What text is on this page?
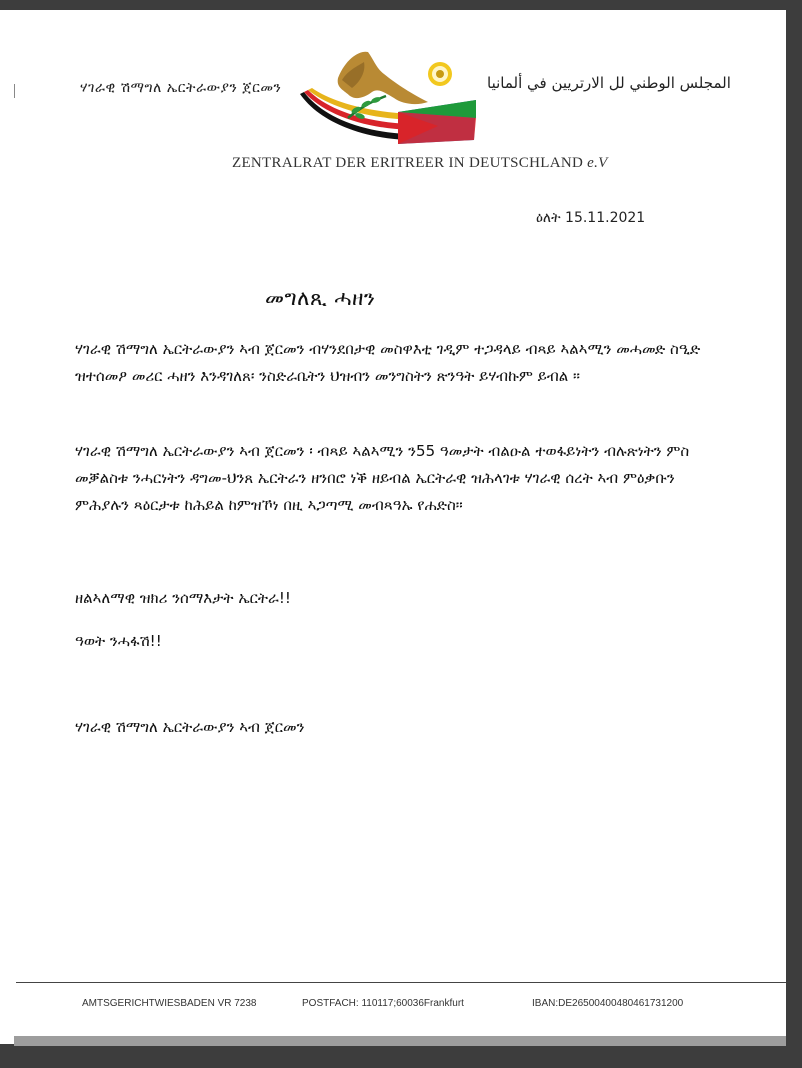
ሃገራዊ ሽማግለ ኤርትራውያን ጀርመን	المجلس الوطني لل الارتريين في ألمانيا
ZENTRALRAT DER ERITREER IN DEUTSCHLAND e.V
ዕለት 15.11.2021
መግለጺ ሓዘን

ሃገራዊ ሽማግለ ኤርትራውያን ኣብ ጀርመን ብሃንደበታዊ መስዋእቲ ገዲም ተጋዳላይ ብጻይ ኣልኣሚን መሓመድ ስዒድ ዝተሰመዖ መሪር ሓዘን እንዳገለጸ፡ ንስድራቤትን ህዝብን መንግስትን ጽንዓት ይሃብኩም ይብል ።

ሃገራዊ ሽማግለ ኤርትራውያን ኣብ ጀርመን ፡ ብጻይ ኣልኣሚን ን55 ዓመታት ብልዑል ተወፋይነትን ብሉጽነትን ምስ መቓልስቱ ንሓርነትን ዳግመ-ህንጸ ኤርትራን ዘንበሮ ነቕ ዘይብል ኤርትራዊ ዝሕላገቱ ሃገራዊ ሰረት ኣብ ምዕቃቡን ምሕያሉን ጻዕርታቱ ከሕይል ከምዝኾነ በዚ ኣጋጣሚ መብጻዓኡ የሐድስ።

ዘልኣለማዊ ዝክሪ ንሰማእታት ኤርትራ!!
ዓወት ንሓፋሽ!!
ሃገራዊ ሽማግለ ኤርትራውያን ኣብ ጀርመን
AMTSGERICHTWIESBADEN VR 7238	POSTFACH: 110117;60036Frankfurt	IBAN:DE26500400480461731200
